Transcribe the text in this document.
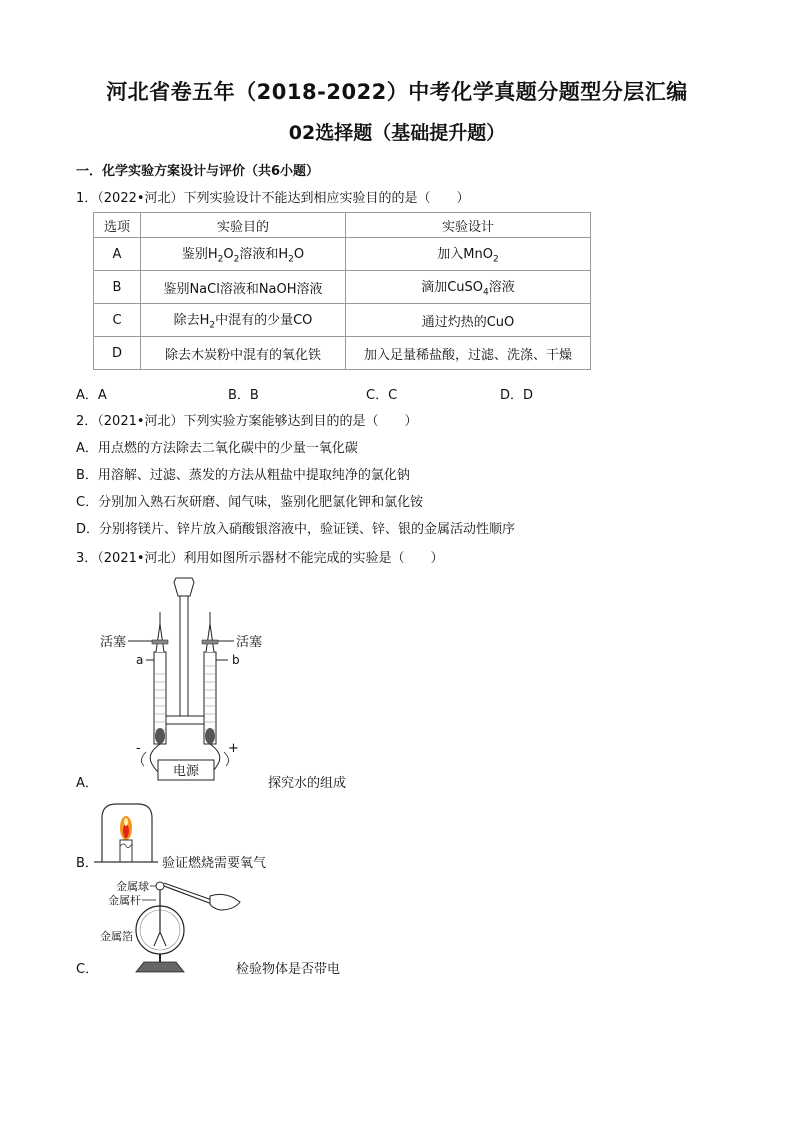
河北省卷五年（2018-2022）中考化学真题分题型分层汇编
02选择题（基础提升题）
一．化学实验方案设计与评价（共6小题）
1．（2022•河北）下列实验设计不能达到相应实验目的的是（　　）
选项	实验目的	实验设计
A	鉴别$H_2O_2$溶液和$H_2O$	加入MnO$_2$
B	鉴别NaCl溶液和NaOH溶液	滴加CuSO$_4$溶液
C	除去$H_2$中混有的少量CO	通过灼热的CuO
D	除去木炭粉中混有的氧化铁	加入足量稀盐酸，过滤、洗涤、干燥
A．A	B．B	C．C	D．D
2．（2021•河北）下列实验方案能够达到目的的是（　　）
A．用点燃的方法除去二氧化碳中的少量一氧化碳
B．用溶解、过滤、蒸发的方法从粗盐中提取纯净的氯化钠
C．分别加入熟石灰研磨、闻气味，鉴别化肥氯化钾和氯化铵
D．分别将镁片、锌片放入硝酸银溶液中，验证镁、锌、银的金属活动性顺序
3．（2021•河北）利用如图所示器材不能完成的实验是（　　）
电源
活塞	活塞
a	b
-	+
A．	探究水的组成
B．	验证燃烧需要氧气
金属球
金属杆
金属箔
C．	检验物体是否带电
